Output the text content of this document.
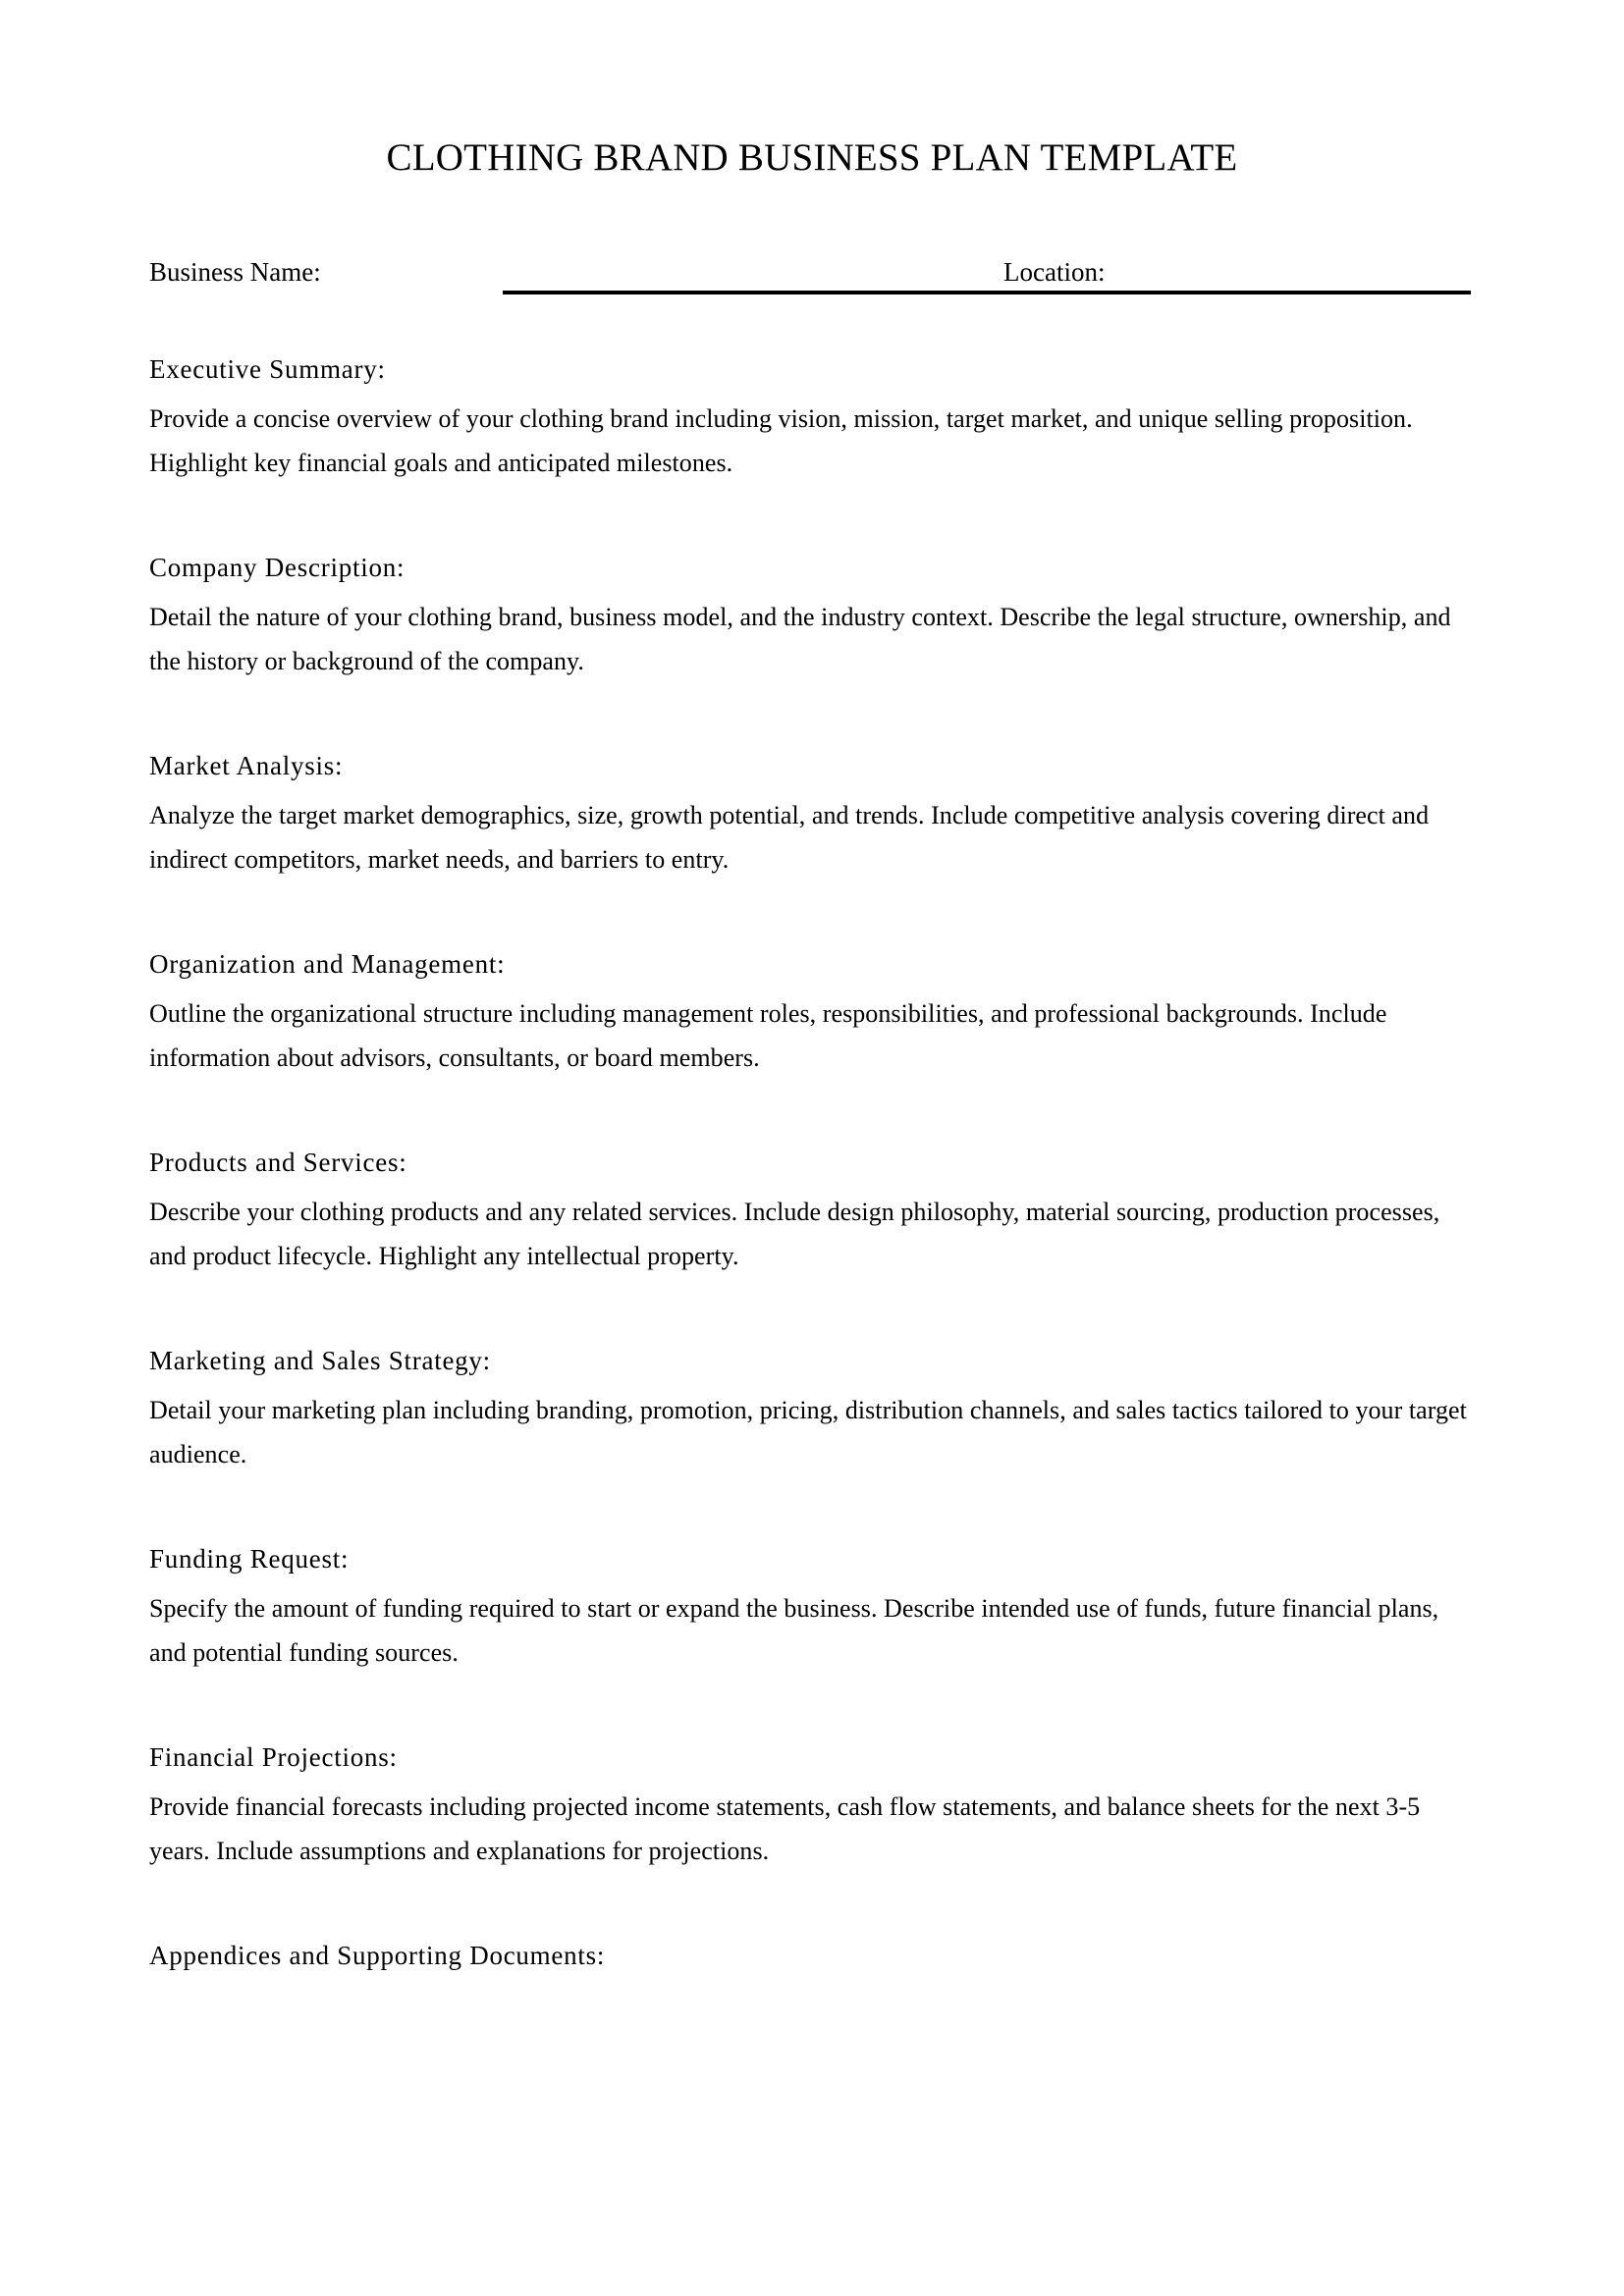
CLOTHING BRAND BUSINESS PLAN TEMPLATE
Business Name:	Location:
Executive Summary:
Provide a concise overview of your clothing brand including vision, mission, target market, and unique selling proposition. Highlight key financial goals and anticipated milestones.
Company Description:
Detail the nature of your clothing brand, business model, and the industry context. Describe the legal structure, ownership, and the history or background of the company.
Market Analysis:
Analyze the target market demographics, size, growth potential, and trends. Include competitive analysis covering direct and indirect competitors, market needs, and barriers to entry.
Organization and Management:
Outline the organizational structure including management roles, responsibilities, and professional backgrounds. Include information about advisors, consultants, or board members.
Products and Services:
Describe your clothing products and any related services. Include design philosophy, material sourcing, production processes, and product lifecycle. Highlight any intellectual property.
Marketing and Sales Strategy:
Detail your marketing plan including branding, promotion, pricing, distribution channels, and sales tactics tailored to your target audience.
Funding Request:
Specify the amount of funding required to start or expand the business. Describe intended use of funds, future financial plans, and potential funding sources.
Financial Projections:
Provide financial forecasts including projected income statements, cash flow statements, and balance sheets for the next 3-5 years. Include assumptions and explanations for projections.
Appendices and Supporting Documents:
